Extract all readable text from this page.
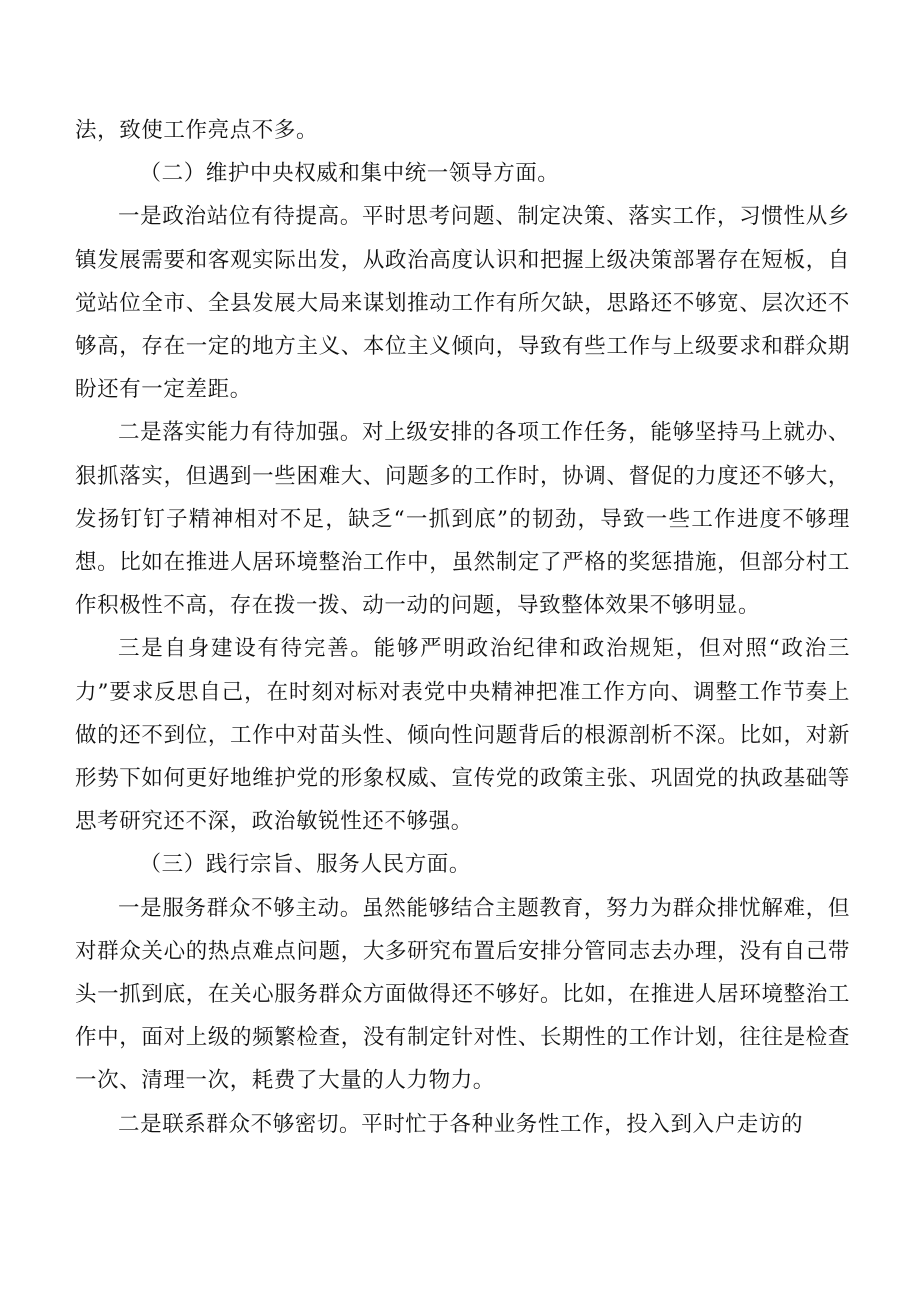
法，致使工作亮点不多。

（二）维护中央权威和集中统一领导方面。

一是政治站位有待提高。平时思考问题、制定决策、落实工作，习惯性从乡镇发展需要和客观实际出发，从政治高度认识和把握上级决策部署存在短板，自觉站位全市、全县发展大局来谋划推动工作有所欠缺，思路还不够宽、层次还不够高，存在一定的地方主义、本位主义倾向，导致有些工作与上级要求和群众期盼还有一定差距。

二是落实能力有待加强。对上级安排的各项工作任务，能够坚持马上就办、狠抓落实，但遇到一些困难大、问题多的工作时，协调、督促的力度还不够大，发扬钉钉子精神相对不足，缺乏“一抓到底”的韧劲，导致一些工作进度不够理想。比如在推进人居环境整治工作中，虽然制定了严格的奖惩措施，但部分村工作积极性不高，存在拨一拨、动一动的问题，导致整体效果不够明显。

三是自身建设有待完善。能够严明政治纪律和政治规矩，但对照“政治三力”要求反思自己，在时刻对标对表党中央精神把准工作方向、调整工作节奏上做的还不到位，工作中对苗头性、倾向性问题背后的根源剖析不深。比如，对新形势下如何更好地维护党的形象权威、宣传党的政策主张、巩固党的执政基础等思考研究还不深，政治敏锐性还不够强。

（三）践行宗旨、服务人民方面。

一是服务群众不够主动。虽然能够结合主题教育，努力为群众排忧解难，但对群众关心的热点难点问题，大多研究布置后安排分管同志去办理，没有自己带头一抓到底，在关心服务群众方面做得还不够好。比如，在推进人居环境整治工作中，面对上级的频繁检查，没有制定针对性、长期性的工作计划，往往是检查一次、清理一次，耗费了大量的人力物力。

二是联系群众不够密切。平时忙于各种业务性工作，投入到入户走访的
